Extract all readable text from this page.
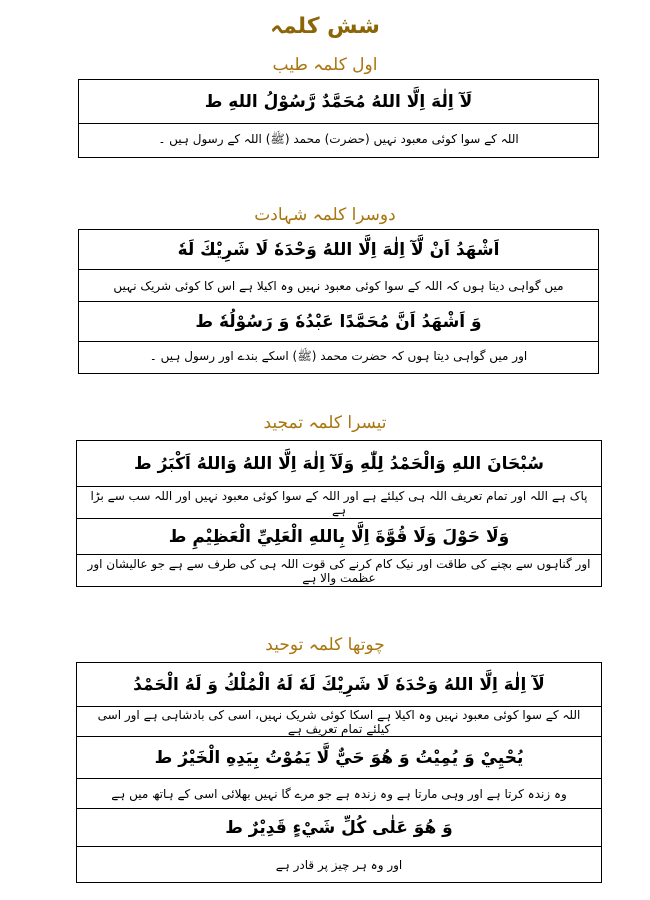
شش کلمہ
اول کلمہ طیب
لَآ اِلٰهَ اِلَّا اللهُ مُحَمَّدٌ رَّسُوْلُ اللهِ ط
اللہ کے سوا کوئی معبود نہیں (حضرت) محمد (ﷺ) اللہ کے رسول ہیں ۔
دوسرا کلمہ شہادت
اَشْهَدُ اَنْ لَّآ اِلٰهَ اِلَّا اللهُ وَحْدَهٗ لَا شَرِيْكَ لَهٗ
میں گواہی دیتا ہوں کہ اللہ کے سوا کوئی معبود نہیں وہ اکیلا ہے اس کا کوئی شریک نہیں
وَ اَشْهَدُ اَنَّ مُحَمَّدًا عَبْدُهٗ وَ رَسُوْلُهٗ ط
اور میں گواہی دیتا ہوں کہ حضرت محمد (ﷺ) اسکے بندے اور رسول ہیں ۔
تیسرا کلمہ تمجید
سُبْحَانَ اللهِ وَالْحَمْدُ لِلّٰهِ وَلَآ اِلٰهَ اِلَّا اللهُ وَاللهُ اَكْبَرُ ط
پاک ہے اللہ اور تمام تعریف اللہ ہی کیلئے ہے اور اللہ کے سوا کوئی معبود نہیں اور اللہ سب سے بڑا ہے
وَلَا حَوْلَ وَلَا قُوَّةَ اِلَّا بِاللهِ الْعَلِيِّ الْعَظِيْمِ ط
اور گناہوں سے بچنے کی طاقت اور نیک کام کرنے کی قوت اللہ ہی کی طرف سے ہے جو عالیشان اور عظمت والا ہے
چوتھا کلمہ توحید
لَآ اِلٰهَ اِلَّا اللهُ وَحْدَهٗ لَا شَرِيْكَ لَهٗ لَهُ الْمُلْكُ وَ لَهُ الْحَمْدُ
اللہ کے سوا کوئی معبود نہیں وہ اکیلا ہے اسکا کوئی شریک نہیں، اسی کی بادشاہی ہے اور اسی کیلئے تمام تعریف ہے
يُحْيِيْ وَ يُمِيْتُ وَ هُوَ حَيٌّ لَّا يَمُوْتُ بِيَدِهِ الْخَيْرُ ط
وہ زندہ کرتا ہے اور وہی مارتا ہے وہ زندہ ہے جو مرے گا نہیں بھلائی اسی کے ہاتھ میں ہے
وَ هُوَ عَلٰى كُلِّ شَيْءٍ قَدِيْرٌ ط
اور وہ ہر چیز پر قادر ہے
